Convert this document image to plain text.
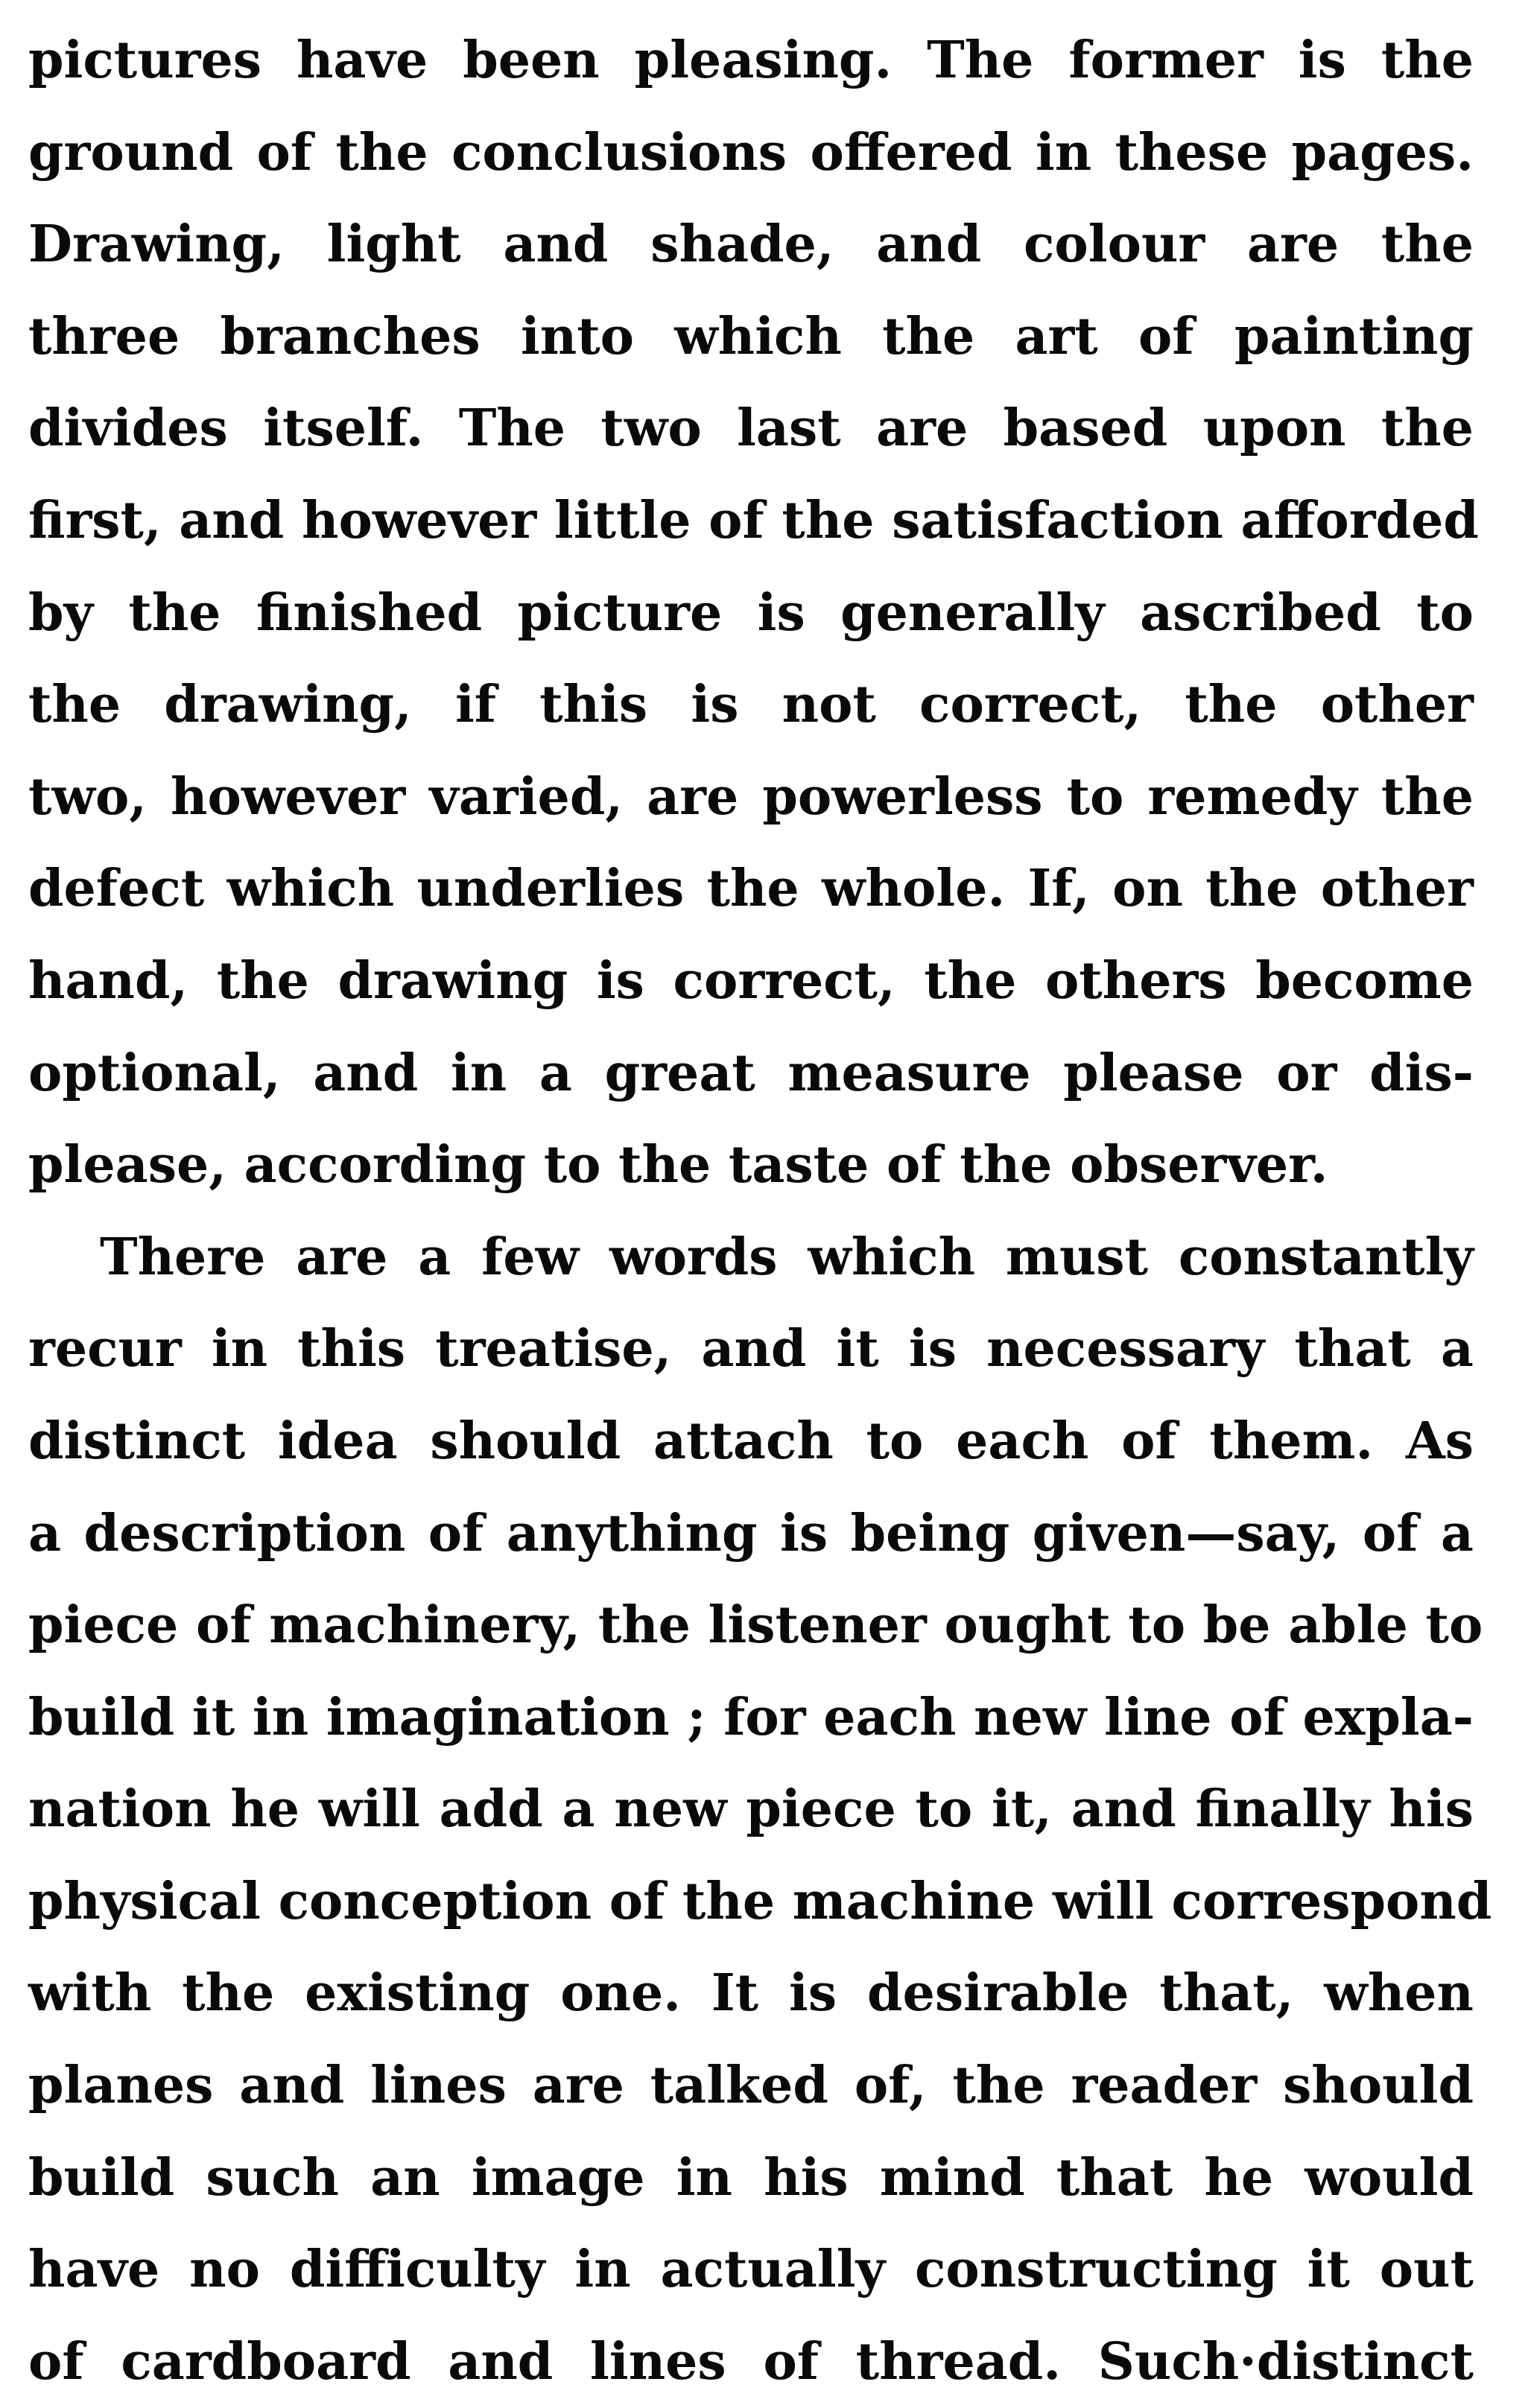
pictures have been pleasing. The former is the
ground of the conclusions offered in these pages.
Drawing, light and shade, and colour are the
three branches into which the art of painting
divides itself. The two last are based upon the
first, and however little of the satisfaction afforded
by the finished picture is generally ascribed to
the drawing, if this is not correct, the other
two, however varied, are powerless to remedy the
defect which underlies the whole. If, on the other
hand, the drawing is correct, the others become
optional, and in a great measure please or dis-
please, according to the taste of the observer.
There are a few words which must constantly
recur in this treatise, and it is necessary that a
distinct idea should attach to each of them. As
a description of anything is being given—say, of a
piece of machinery, the listener ought to be able to
build it in imagination ; for each new line of expla-
nation he will add a new piece to it, and finally his
physical conception of the machine will correspond
with the existing one. It is desirable that, when
planes and lines are talked of, the reader should
build such an image in his mind that he would
have no difficulty in actually constructing it out
of cardboard and lines of thread. Such·distinct
